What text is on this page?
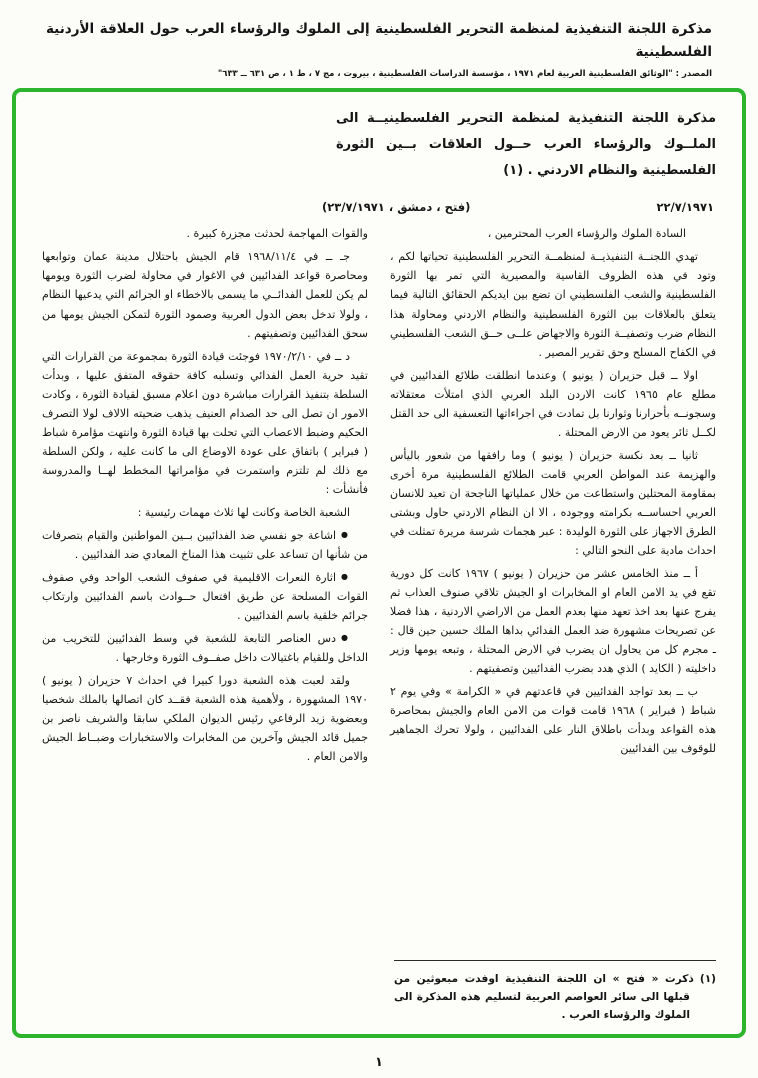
مذكرة اللجنة التنفيذية لمنظمة التحرير الفلسطينية إلى الملوك والرؤساء العرب حول العلاقة الأردنية الفلسطينية
المصدر : "الوثائق الفلسطينية العربية لعام ١٩٧١ ، مؤسسة الدراسات الفلسطينية ، بيروت ، مج ٧ ، ط ١ ، ص ٦٣١ ــ ٦٣٣"
مذكرة اللجنة التنفيذية لمنظمة التحرير الفلسطينيــة الى
الملــوك والرؤساء العرب حــول العلاقات بــين الثورة
الفلسطينية والنظام الاردني . (١)
٢٢/٧/١٩٧١
(فتح ، دمشق ، ٢٣/٧/١٩٧١)

السادة الملوك والرؤساء العرب المحترمين ،

تهدي اللجنــة التنفيذيــة لمنظمــة التحرير الفلسطينية تحياتها لكم ، وتود في هذه الظروف القاسية والمصيرية التي تمر بها الثورة الفلسطينية والشعب الفلسطيني ان تضع بين ايديكم الحقائق التالية فيما يتعلق بالعلاقات بين الثورة الفلسطينية والنظام الاردني ومحاولة هذا النظام ضرب وتصفيــة الثورة والاجهاض علــى حــق الشعب الفلسطيني في الكفاح المسلح وحق تقرير المصير .

اولا ــ قبل حزيران ( يونيو ) وعندما انطلقت طلائع الفدائيين في مطلع عام ١٩٦٥ كانت الاردن البلد العربي الذي امتلأت معتقلاته وسجونــه بأحرارنا وثوارنا بل تمادت في اجراءاتها التعسفية الى حد القتل لكــل ثائر يعود من الارض المحتلة .

ثانيا ــ بعد نكسة حزيران ( يونيو ) وما رافقها من شعور باليأس والهزيمة عند المواطن العربي قامت الطلائع الفلسطينية مرة أخرى بمقاومة المحتلين واستطاعت من خلال عملياتها الناجحة ان تعيد للانسان العربي احساســه بكرامته ووجوده ، الا ان النظام الاردني حاول وبشتى الطرق الاجهاز على الثورة الوليدة : عبر هجمات شرسة مريرة تمثلت في احداث مادية على النحو التالي :

أ ــ منذ الخامس عشر من حزيران ( يونيو ) ١٩٦٧ كانت كل دورية تقع في يد الامن العام او المخابرات او الجيش تلاقي صنوف العذاب ثم يفرج عنها بعد اخذ تعهد منها بعدم العمل من الاراضي الاردنية ، هذا فضلا عن تصريحات مشهورة ضد العمل الفدائي بداها الملك حسين حين قال : ـ مجرم كل من يحاول ان يضرب في الارض المحتلة ، وتبعه يومها وزير داخليته ( الكايد ) الذي هدد بضرب الفدائيين وتصفيتهم .

ب ــ بعد تواجد الفدائيين في قاعدتهم في « الكرامة » وفي يوم ٢ شباط ( فبراير ) ١٩٦٨ قامت قوات من الامن العام والجيش بمحاصرة هذه القواعد وبدأت باطلاق النار على الفدائيين ، ولولا تحرك الجماهير للوقوف بين الفدائيين

والقوات المهاجمة لحدثت مجزرة كبيرة .

جـ ــ في ١٩٦٨/١١/٤ قام الجيش باحتلال مدينة عمان وتوابعها ومحاصرة قواعد الفدائيين في الاغوار في محاولة لضرب الثورة ويومها لم يكن للعمل الفدائــي ما يسمى بالاخطاء او الجرائم التي يدعيها النظام ، ولولا تدخل بعض الدول العربية وصمود الثورة لتمكن الجيش يومها من سحق الفدائيين وتصفيتهم .

د ــ في ١٩٧٠/٢/١٠ فوجئت قيادة الثورة بمجموعة من القرارات التي تقيد حرية العمل الفدائي وتسلبه كافة حقوقه المتفق عليها ، وبدأت السلطة بتنفيذ القرارات مباشرة دون اعلام مسبق لقيادة الثورة ، وكادت الامور ان تصل الى حد الصدام العنيف يذهب ضحيته الالاف لولا التصرف الحكيم وضبط الاعصاب التي تحلت بها قيادة الثورة وانتهت مؤامرة شباط ( فبراير ) باتفاق على عودة الاوضاع الى ما كانت عليه ، ولكن السلطة مع ذلك لم تلتزم واستمرت في مؤامراتها المخطط لهــا والمدروسة فأنشأت :

الشعبة الخاصة وكانت لها ثلاث مهمات رئيسية :

●اشاعة جو نفسي ضد الفدائيين بــين المواطنين والقيام بتصرفات من شأنها ان تساعد على تثبيت هذا المناخ المعادي ضد الفدائيين .

●اثارة النعرات الاقليمية في صفوف الشعب الواحد وفي صفوف القوات المسلحة عن طريق افتعال حــوادث باسم الفدائيين وارتكاب جرائم خلقية باسم الفدائيين .

●دس العناصر التابعة للشعبة في وسط الفدائيين للتخريب من الداخل وللقيام باغتيالات داخل صفــوف الثورة وخارجها .

ولقد لعبت هذه الشعبة دورا كبيرا في احداث ٧ حزيران ( يونيو ) ١٩٧٠ المشهورة ، ولأهمية هذه الشعبة فقــد كان اتصالها بالملك شخصيا وبعضوية زيد الرفاعي رئيس الديوان الملكي سابقا والشريف ناصر بن جميل قائد الجيش وآخرين من المخابرات والاستخبارات وضبــاط الجيش والامن العام .

(١)ذكرت « فتح » ان اللجنة التنفيذية اوفدت مبعوثين من قبلها الى سائر العواصم العربية لتسليم هذه المذكرة الى الملوك والرؤساء العرب .

١
